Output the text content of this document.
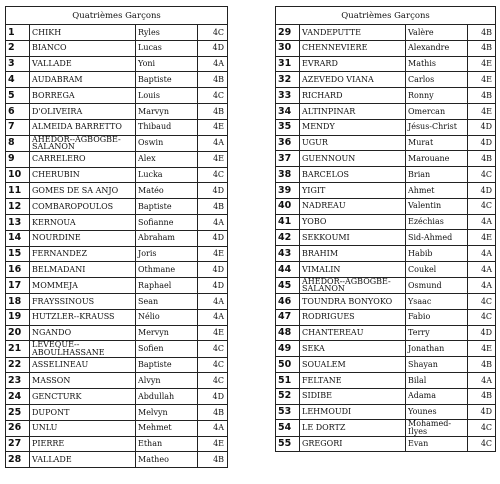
Quatrièmes Garçons			
1	CHIKH	Ryles	4C
2	BIANCO	Lucas	4D
3	VALLADE	Yoni	4A
4	AUDABRAM	Baptiste	4B
5	BORREGA	Louis	4C
6	D'OLIVEIRA	Marvyn	4B
7	ALMEIDA BARRETTO	Thibaud	4E
8	AHEDOR--AGBOGBE-SALANON	Oswin	4A
9	CARRELERO	Alex	4E
10	CHERUBIN	Lucka	4C
11	GOMES DE SA ANJO	Matéo	4D
12	COMBAROPOULOS	Baptiste	4B
13	KERNOUA	Sofianne	4A
14	NOURDINE	Abraham	4D
15	FERNANDEZ	Joris	4E
16	BELMADANI	Othmane	4D
17	MOMMEJA	Raphael	4D
18	FRAYSSINOUS	Sean	4A
19	HUTZLER--KRAUSS	Nélio	4A
20	NGANDO	Mervyn	4E
21	LEVEQUE--ABOULHASSANE	Sofien	4C
22	ASSELINEAU	Baptiste	4C
23	MASSON	Alvyn	4C
24	GENCTURK	Abdullah	4D
25	DUPONT	Melvyn	4B
26	UNLU	Mehmet	4A
27	PIERRE	Ethan	4E
28	VALLADE	Matheo	4B
Quatrièmes Garçons			
29	VANDEPUTTE	Valère	4B
30	CHENNEVIERE	Alexandre	4B
31	EVRARD	Mathis	4E
32	AZEVEDO VIANA	Carlos	4E
33	RICHARD	Ronny	4B
34	ALTINPINAR	Omercan	4E
35	MENDY	Jésus-Christ	4D
36	UGUR	Murat	4D
37	GUENNOUN	Marouane	4B
38	BARCELOS	Brian	4C
39	YIGIT	Ahmet	4D
40	NADREAU	Valentin	4C
41	YOBO	Ezéchias	4A
42	SEKKOUMI	Sid-Ahmed	4E
43	BRAHIM	Habib	4A
44	VIMALIN	Coukel	4A
45	AHEDOR--AGBOGBE-SALANON	Osmund	4A
46	TOUNDRA BONYOKO	Ysaac	4C
47	RODRIGUES	Fabio	4C
48	CHANTEREAU	Terry	4D
49	SEKA	Jonathan	4E
50	SOUALEM	Shayan	4B
51	FELTANE	Bilal	4A
52	SIDIBE	Adama	4B
53	LEHMOUDI	Younes	4D
54	LE DORTZ	Mohamed-Ilyes	4C
55	GREGORI	Evan	4C
